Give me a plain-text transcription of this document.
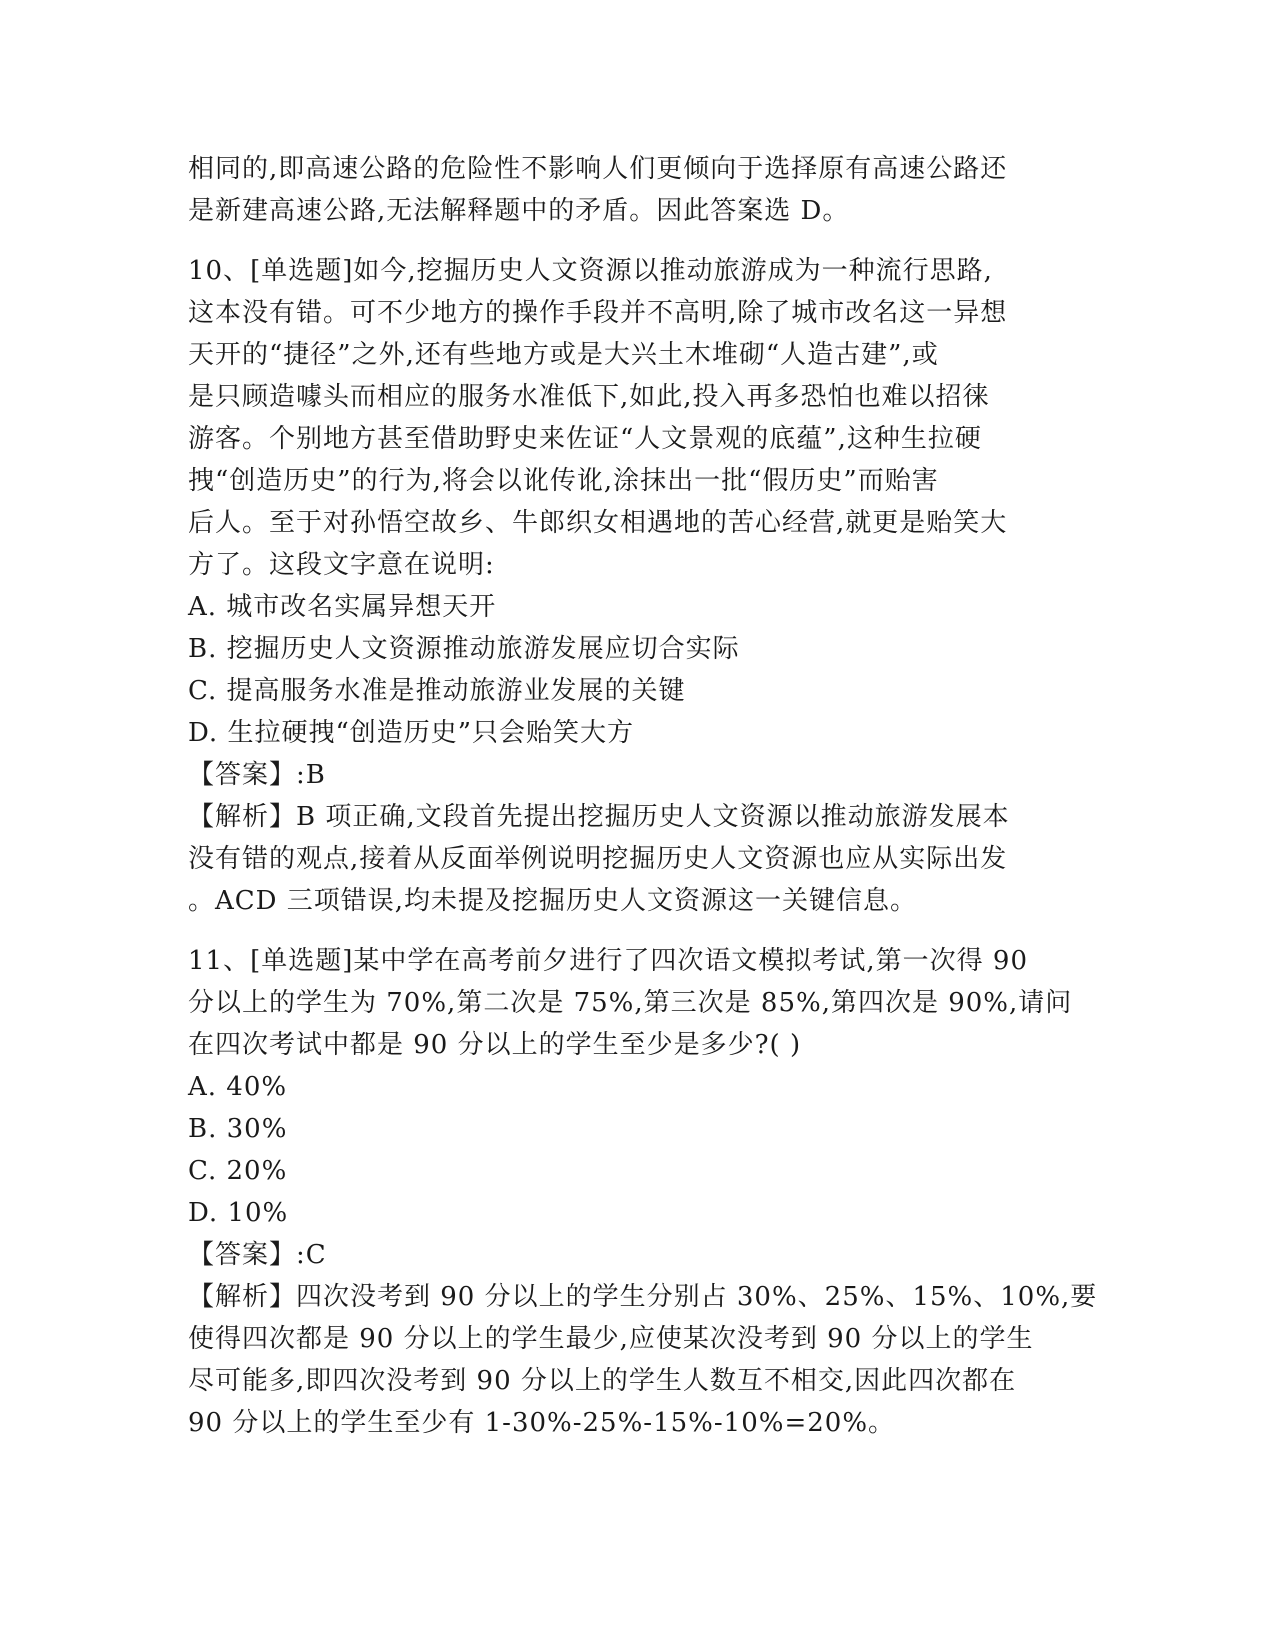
相同的,即高速公路的危险性不影响人们更倾向于选择原有高速公路还
是新建高速公路,无法解释题中的矛盾。因此答案选 D。
10、[单选题]如今,挖掘历史人文资源以推动旅游成为一种流行思路,
这本没有错。可不少地方的操作手段并不高明,除了城市改名这一异想
天开的“捷径”之外,还有些地方或是大兴土木堆砌“人造古建”,或
是只顾造噱头而相应的服务水准低下,如此,投入再多恐怕也难以招徕
游客。个别地方甚至借助野史来佐证“人文景观的底蕴”,这种生拉硬
拽“创造历史”的行为,将会以讹传讹,涂抹出一批“假历史”而贻害
后人。至于对孙悟空故乡、牛郎织女相遇地的苦心经营,就更是贻笑大
方了。这段文字意在说明:
A. 城市改名实属异想天开
B. 挖掘历史人文资源推动旅游发展应切合实际
C. 提高服务水准是推动旅游业发展的关键
D. 生拉硬拽“创造历史”只会贻笑大方
【答案】:B
【解析】B 项正确,文段首先提出挖掘历史人文资源以推动旅游发展本
没有错的观点,接着从反面举例说明挖掘历史人文资源也应从实际出发
。ACD 三项错误,均未提及挖掘历史人文资源这一关键信息。
11、[单选题]某中学在高考前夕进行了四次语文模拟考试,第一次得 90
分以上的学生为 70%,第二次是 75%,第三次是 85%,第四次是 90%,请问
在四次考试中都是 90 分以上的学生至少是多少?( )
A. 40%
B. 30%
C. 20%
D. 10%
【答案】:C
【解析】四次没考到 90 分以上的学生分别占 30%、25%、15%、10%,要
使得四次都是 90 分以上的学生最少,应使某次没考到 90 分以上的学生
尽可能多,即四次没考到 90 分以上的学生人数互不相交,因此四次都在
90 分以上的学生至少有 1-30%-25%-15%-10%=20%。
